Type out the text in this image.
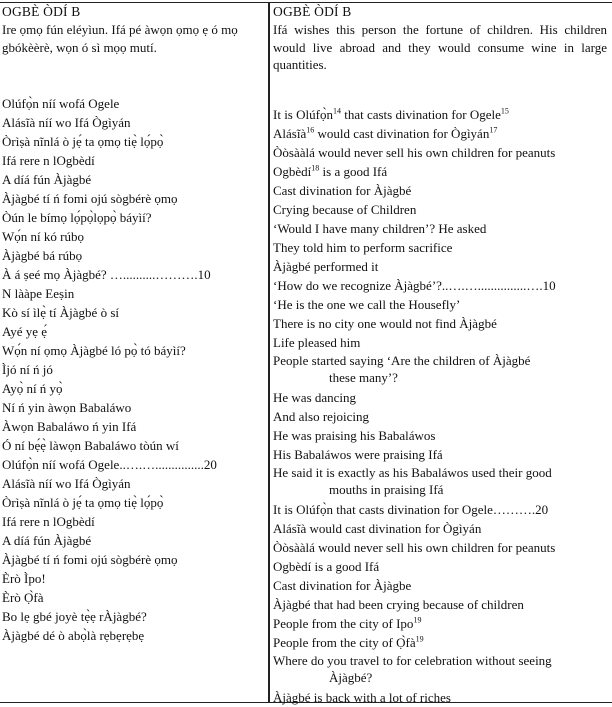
OGBÈ ÒDÍ B
Ire ọmọ fún eléyìun. Ifá pé àwọn ọmọ ẹ ó mọ gbókèèrè, wọn ó sì mọọ mutí.
Olúfọ̀n níí wofá Ogele
Alásĩà níí wo Ifá Ògìyán
Òrìṣà nĩnlá ò jẹ́ ta ọmọ tiẹ̀ lọ́pọ̀
Ifá rere n lOgbèdí
A díá fún Àjàgbé
Àjàgbé tí ń fomi ojú sògbérè ọmọ
Òún le bímọ lọ́pọ̀lọpọ̀ báyìí?
Wọ́n ní kó rúbọ
Àjàgbé bá rúbọ
À á ṣeé mọ Àjàgbé? …..........……….10
N lààpe Eeṣin
Kò sí ìlẹ̀ tí Àjàgbé ò sí
Ayé yẹ ẹ́
Wọ́n ní ọmọ Àjàgbé ló pọ̀ tó báyìí?
Ìjó ní ń jó
Ayọ̀ ní ń yọ̀
Ní ń yin àwọn Babaláwo
Àwọn Babaláwo ń yin Ifá
Ó ní bẹ́ẹ̀ làwọn Babaláwo tòún wí
Olúfọ̀n níí wofá Ogele..….…...............20
Alásĩà níí wo Ifá Ògìyán
Òrìṣà nĩnlá ò jẹ́ ta ọmọ tiẹ̀ lọ́pọ̀
Ifá rere n lOgbèdí
A díá fún Àjàgbé
Àjàgbé tí ń fomi ojú sògbérè ọmọ
Èrò Ìpo!
Èrò Ọ̀fà
Bo lẹ gbé joyè tẹ̀ẹ rÀjàgbé?
Àjàgbé dé ò abọ̀là rẹbẹrẹbẹ
OGBÈ ÒDÍ B
Ifá wishes this person the fortune of children. His children would live abroad and they would consume wine in large quantities.
It is $Olúfọ̀n^{14}$ that casts divination for Ogele$^{15}$
Alásĩà$^{16}$ would cast divination for Ògìyán$^{17}$
Òòsààlá would never sell his own children for peanuts
Ogbèdí$^{18}$ is a good Ifá
Cast divination for Àjàgbé
Crying because of Children
‘Would I have many children’? He asked
They told him to perform sacrifice
Àjàgbé performed it
‘How do we recognize Àjàgbé’?..….…...............….10
‘He is the one we call the Housefly’
There is no city one would not find Àjàgbé
Life pleased him
People started saying ‘Are the children of Àjàgbé
these many’?
He was dancing
And also rejoicing
He was praising his Babaláwos
His Babaláwos were praising Ifá
He said it is exactly as his Babaláwos used their good
mouths in praising Ifá
It is Olúfọ̀n that casts divination for Ogele……….20
Alásĩà would cast divination for Ògìyán
Òòsààlá would never sell his own children for peanuts
Ogbèdí is a good Ifá
Cast divination for Àjàgbe
Àjàgbé that had been crying because of children
People from the city of Ipo$^{19}$
People from the city of $Ọ̀fà^{19}$
Where do you travel to for celebration without seeing
Àjàgbé?
Àjàgbé is back with a lot of riches
